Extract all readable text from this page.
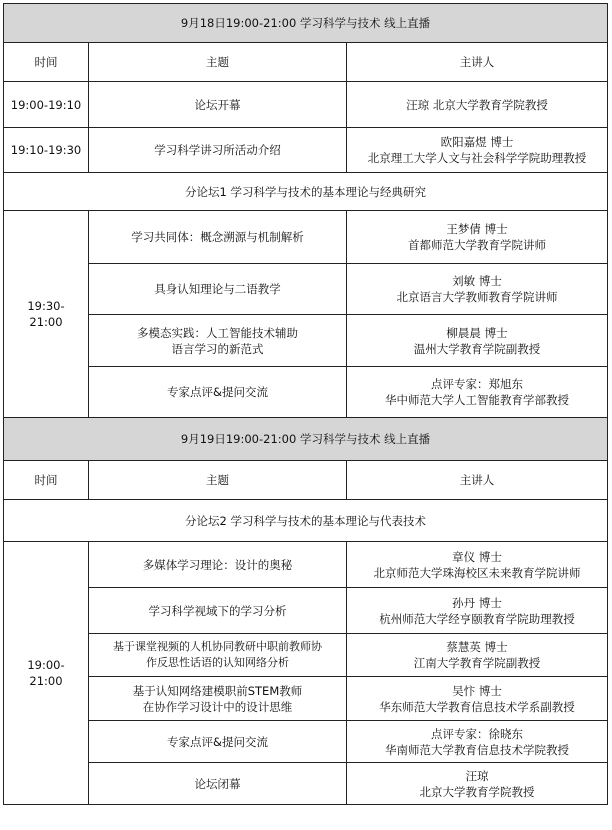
9月18日19:00-21:00 学习科学与技术 线上直播		
时间	主题	主讲人
19:00-19:10	论坛开幕	汪琼 北京大学教育学院教授

19:10-19:30	学习科学讲习所活动介绍	欧阳嘉煜 博士
北京理工大学人文与社会科学学院助理教授

分论坛1 学习科学与技术的基本理论与经典研究		
19:30-
21:00	学习共同体：概念溯源与机制解析	王梦倩 博士
首都师范大学教育学院讲师

	具身认知理论与二语教学	刘敏 博士
北京语言大学教师教育学院讲师

	多模态实践：人工智能技术辅助
语言学习的新范式	柳晨晨 博士
温州大学教育学院副教授

	专家点评&提问交流	点评专家：郑旭东
华中师范大学人工智能教育学部教授

9月19日19:00-21:00 学习科学与技术 线上直播		
时间	主题	主讲人
分论坛2 学习科学与技术的基本理论与代表技术		
19:00-
21:00	多媒体学习理论：设计的奥秘	章仪 博士
北京师范大学珠海校区未来教育学院讲师

	学习科学视域下的学习分析	孙丹 博士
杭州师范大学经亨颐教育学院助理教授

	基于课堂视频的人机协同教研中职前教师协
作反思性话语的认知网络分析	蔡慧英 博士
江南大学教育学院副教授

	基于认知网络建模职前STEM教师
在协作学习设计中的设计思维	吴忭 博士
华东师范大学教育信息技术学系副教授

	专家点评&提问交流	点评专家：徐晓东
华南师范大学教育信息技术学院教授

	论坛闭幕	汪琼
北京大学教育学院教授
